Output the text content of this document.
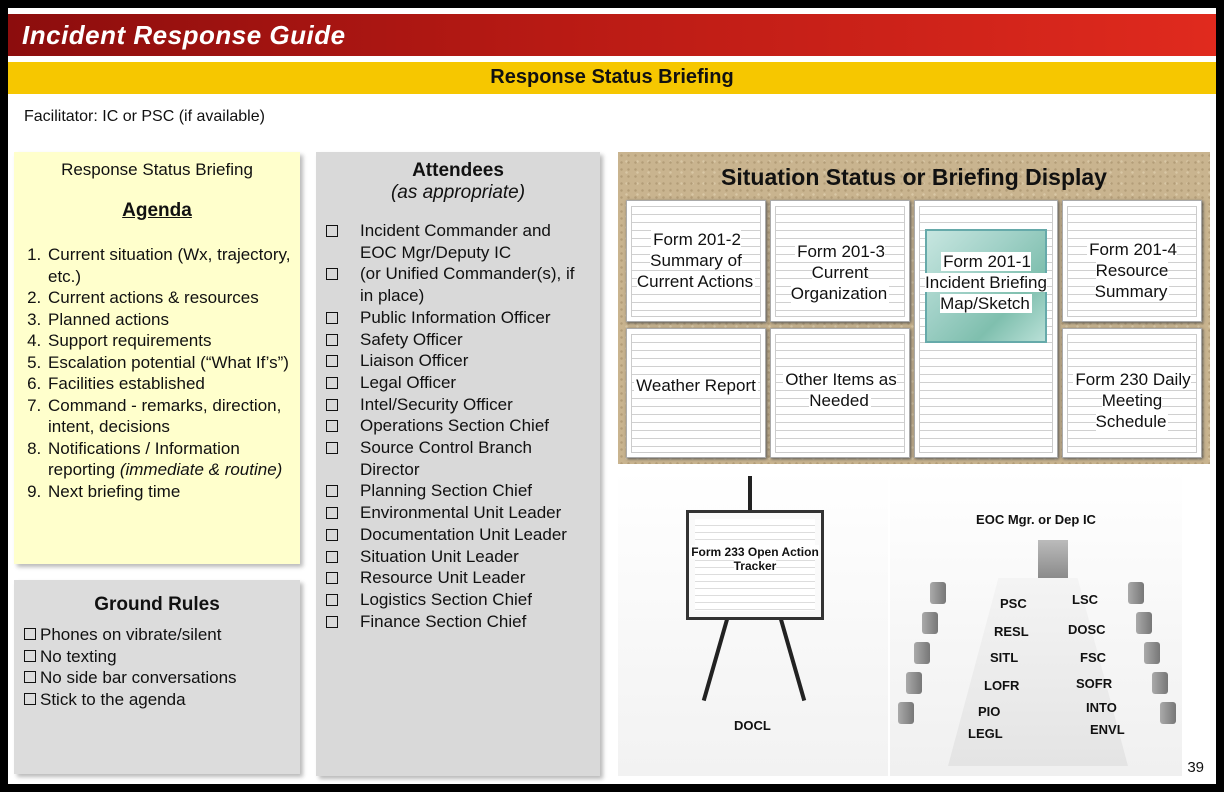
Incident Response Guide
Response Status Briefing
Facilitator: IC or PSC (if available)
Response Status Briefing
Agenda
1. Current situation (Wx, trajectory, etc.)
2. Current actions & resources
3. Planned actions
4. Support requirements
5. Escalation potential (“What If’s”)
6. Facilities established
7. Command - remarks, direction, intent, decisions
8. Notifications / Information reporting (immediate & routine)
9. Next briefing time
Ground Rules
Phones on vibrate/silent
No texting
No side bar conversations
Stick to the agenda
Attendees
(as appropriate)
Incident Commander and EOC Mgr/Deputy IC
(or Unified Commander(s), if in place)
Public Information Officer
Safety Officer
Liaison Officer
Legal Officer
Intel/Security Officer
Operations Section Chief
Source Control Branch Director
Planning Section Chief
Environmental Unit Leader
Documentation Unit Leader
Situation Unit Leader
Resource Unit Leader
Logistics Section Chief
Finance Section Chief
Situation Status or Briefing Display
Form 201-2 Summary of Current Actions
Form 201-3 Current Organization
Form 201-1 Incident Briefing Map/Sketch
Form 201-4 Resource Summary
Weather Report	Other Items as Needed
Form 230 Daily Meeting Schedule
Form 233 Open Action Tracker
DOCL
EOC Mgr. or Dep IC
PSC
RESL
SITL
LOFR
PIO
LEGL
LSC
DOSC
FSC
SOFR
INTO
ENVL
39
